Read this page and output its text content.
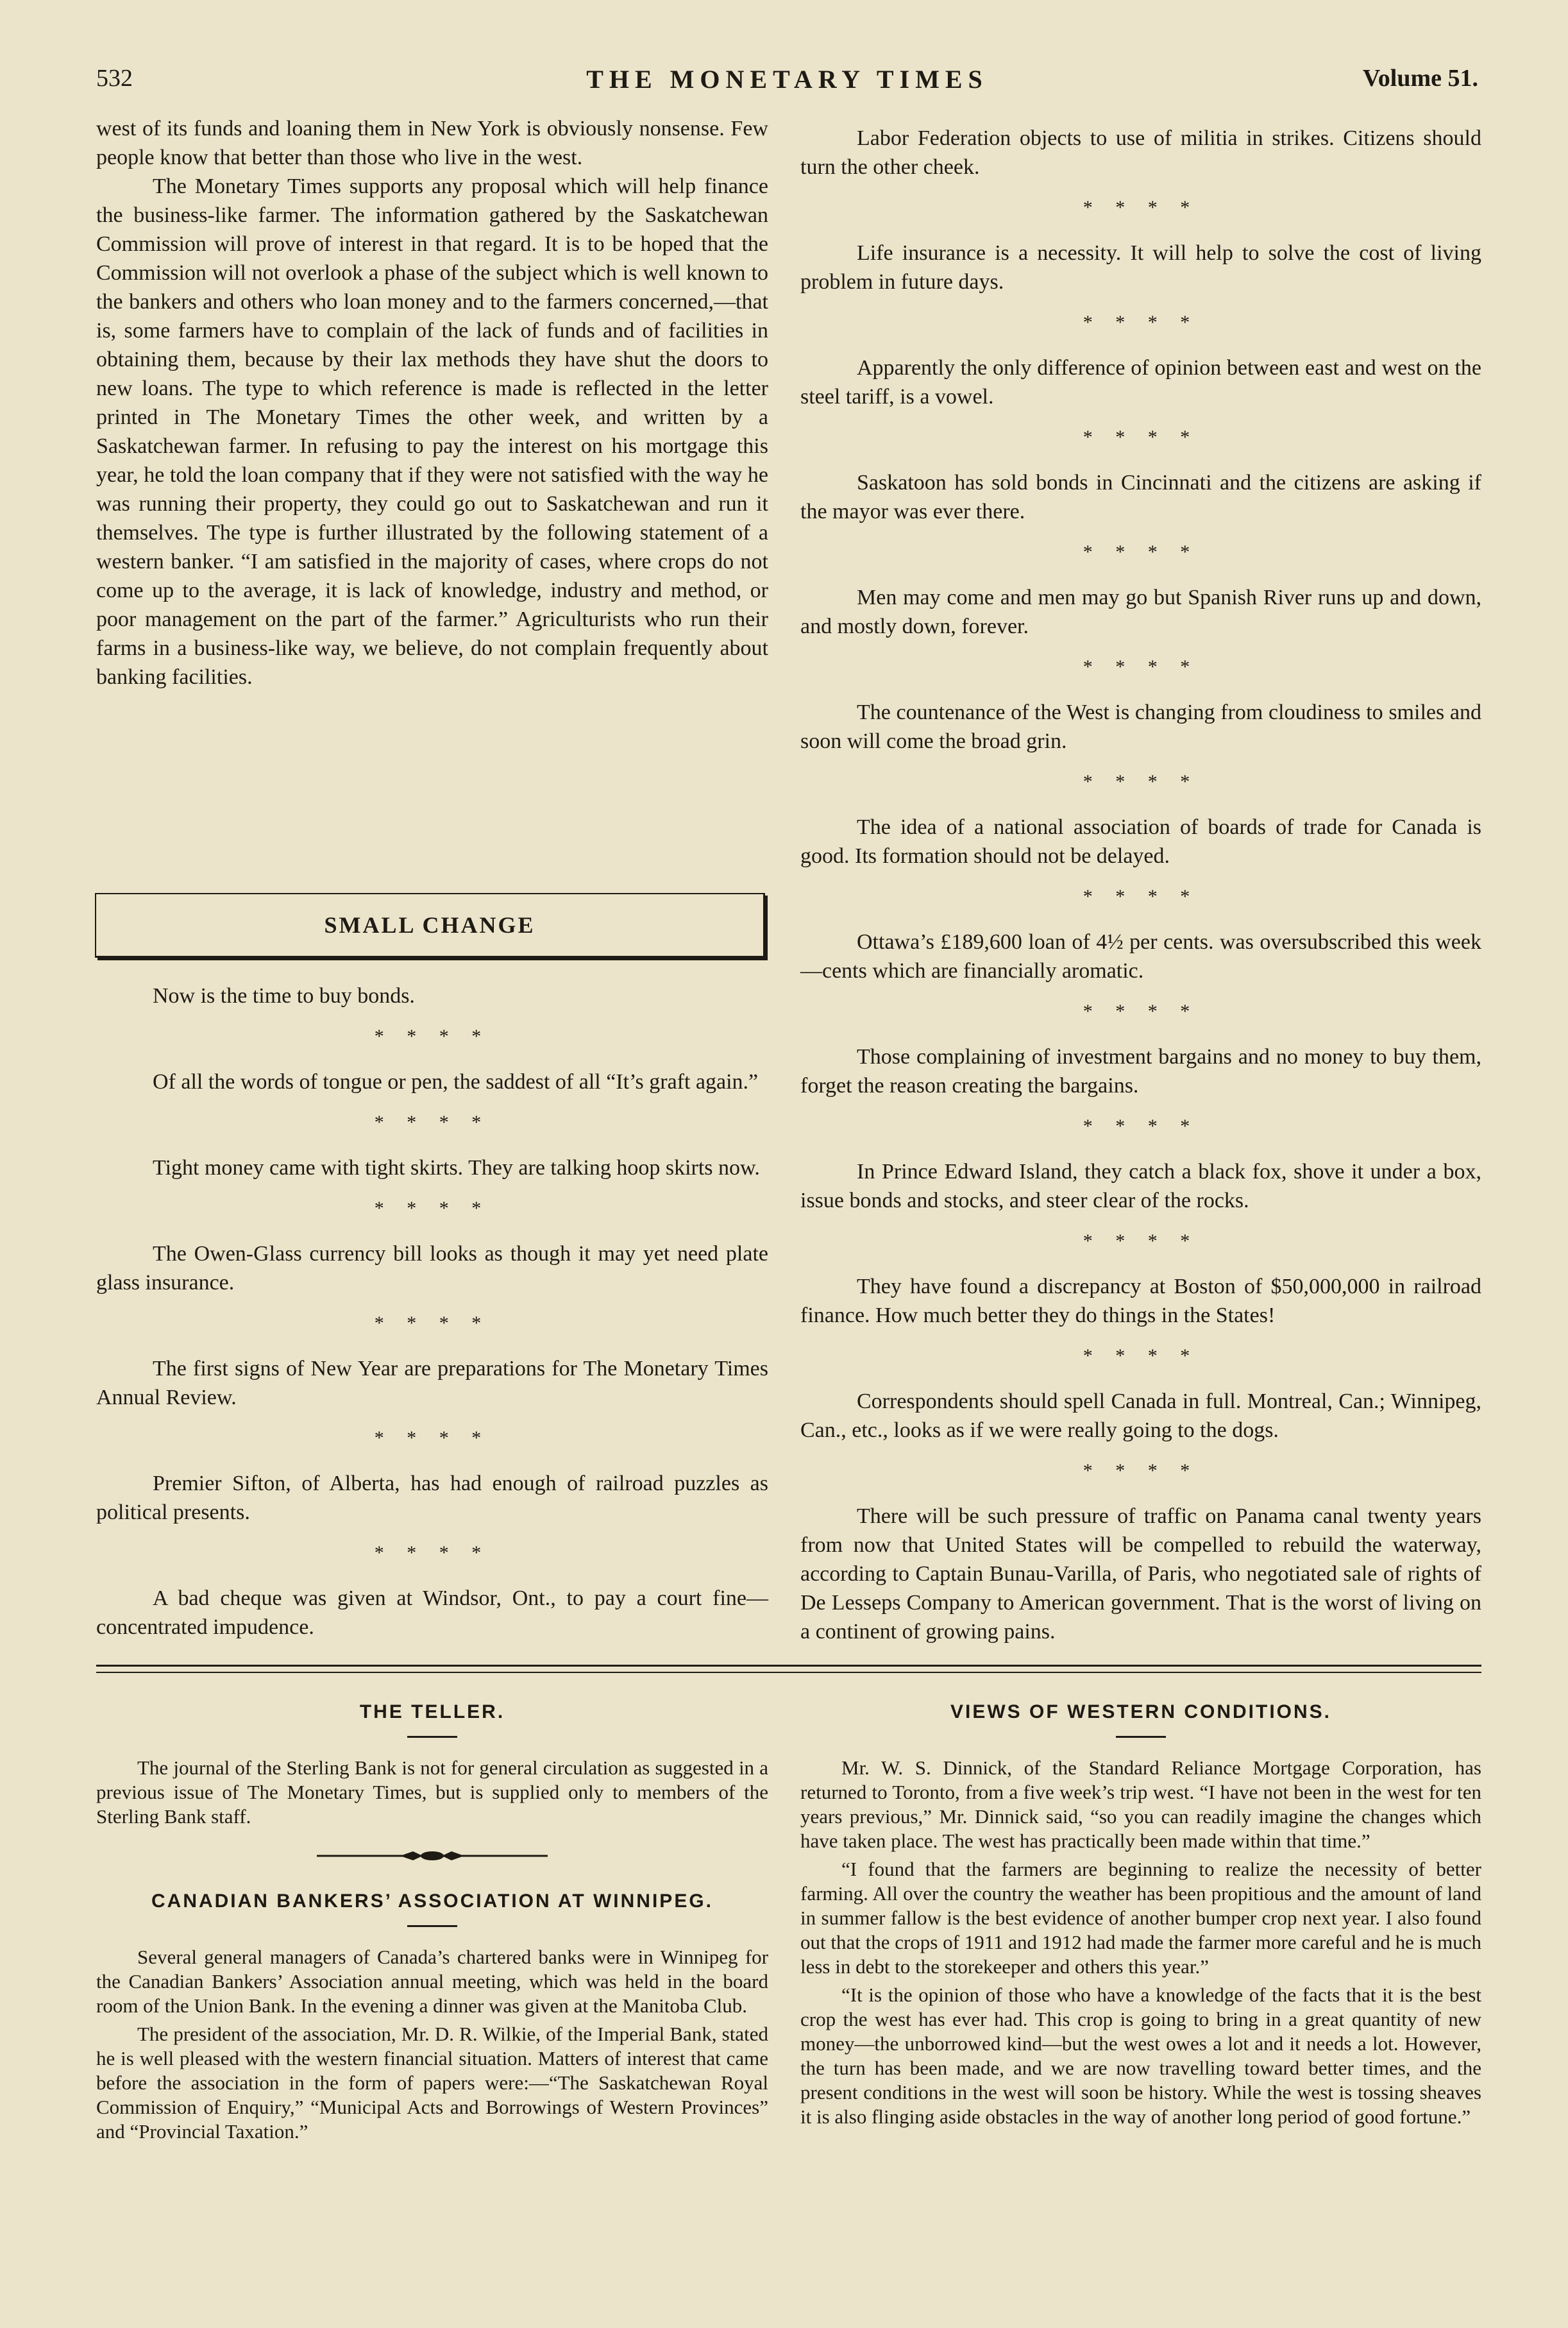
532	THE MONETARY TIMES	Volume 51.

west of its funds and loaning them in New York is obviously nonsense. Few people know that better than those who live in the west.

The Monetary Times supports any proposal which will help finance the business-like farmer. The information gathered by the Saskatchewan Commission will prove of interest in that regard. It is to be hoped that the Commission will not overlook a phase of the subject which is well known to the bankers and others who loan money and to the farmers concerned,—that is, some farmers have to complain of the lack of funds and of facilities in obtaining them, because by their lax methods they have shut the doors to new loans. The type to which reference is made is reflected in the letter printed in The Monetary Times the other week, and written by a Saskatchewan farmer. In refusing to pay the interest on his mortgage this year, he told the loan company that if they were not satisfied with the way he was running their property, they could go out to Saskatchewan and run it themselves. The type is further illustrated by the following statement of a western banker. “I am satisfied in the majority of cases, where crops do not come up to the average, it is lack of knowledge, industry and method, or poor management on the part of the farmer.” Agriculturists who run their farms in a business-like way, we believe, do not complain frequently about banking facilities.

SMALL CHANGE

Now is the time to buy bonds.

* * * *

Of all the words of tongue or pen, the saddest of all “It’s graft again.”

* * * *

Tight money came with tight skirts. They are talking hoop skirts now.

* * * *

The Owen-Glass currency bill looks as though it may yet need plate glass insurance.

* * * *

The first signs of New Year are preparations for The Monetary Times Annual Review.

* * * *

Premier Sifton, of Alberta, has had enough of railroad puzzles as political presents.

* * * *

A bad cheque was given at Windsor, Ont., to pay a court fine—concentrated impudence.

Labor Federation objects to use of militia in strikes. Citizens should turn the other cheek.

* * * *

Life insurance is a necessity. It will help to solve the cost of living problem in future days.

* * * *

Apparently the only difference of opinion between east and west on the steel tariff, is a vowel.

* * * *

Saskatoon has sold bonds in Cincinnati and the citizens are asking if the mayor was ever there.

* * * *

Men may come and men may go but Spanish River runs up and down, and mostly down, forever.

* * * *

The countenance of the West is changing from cloudiness to smiles and soon will come the broad grin.

* * * *

The idea of a national association of boards of trade for Canada is good. Its formation should not be delayed.

* * * *

Ottawa’s £189,600 loan of 4½ per cents. was oversubscribed this week—cents which are financially aromatic.

* * * *

Those complaining of investment bargains and no money to buy them, forget the reason creating the bargains.

* * * *

In Prince Edward Island, they catch a black fox, shove it under a box, issue bonds and stocks, and steer clear of the rocks.

* * * *

They have found a discrepancy at Boston of $50,000,000 in railroad finance. How much better they do things in the States!

* * * *

Correspondents should spell Canada in full. Montreal, Can.; Winnipeg, Can., etc., looks as if we were really going to the dogs.

* * * *

There will be such pressure of traffic on Panama canal twenty years from now that United States will be compelled to rebuild the waterway, according to Captain Bunau-Varilla, of Paris, who negotiated sale of rights of De Lesseps Company to American government. That is the worst of living on a continent of growing pains.

THE TELLER.

The journal of the Sterling Bank is not for general circulation as suggested in a previous issue of The Monetary Times, but is supplied only to members of the Sterling Bank staff.

CANADIAN BANKERS’ ASSOCIATION AT WINNIPEG.

Several general managers of Canada’s chartered banks were in Winnipeg for the Canadian Bankers’ Association annual meeting, which was held in the board room of the Union Bank. In the evening a dinner was given at the Manitoba Club.

The president of the association, Mr. D. R. Wilkie, of the Imperial Bank, stated he is well pleased with the western financial situation. Matters of interest that came before the association in the form of papers were:—“The Saskatchewan Royal Commission of Enquiry,” “Municipal Acts and Borrowings of Western Provinces” and “Provincial Taxation.”

VIEWS OF WESTERN CONDITIONS.

Mr. W. S. Dinnick, of the Standard Reliance Mortgage Corporation, has returned to Toronto, from a five week’s trip west. “I have not been in the west for ten years previous,” Mr. Dinnick said, “so you can readily imagine the changes which have taken place. The west has practically been made within that time.”

“I found that the farmers are beginning to realize the necessity of better farming. All over the country the weather has been propitious and the amount of land in summer fallow is the best evidence of another bumper crop next year. I also found out that the crops of 1911 and 1912 had made the farmer more careful and he is much less in debt to the storekeeper and others this year.”

“It is the opinion of those who have a knowledge of the facts that it is the best crop the west has ever had. This crop is going to bring in a great quantity of new money—the unborrowed kind—but the west owes a lot and it needs a lot. However, the turn has been made, and we are now travelling toward better times, and the present conditions in the west will soon be history. While the west is tossing sheaves it is also flinging aside obstacles in the way of another long period of good fortune.”
